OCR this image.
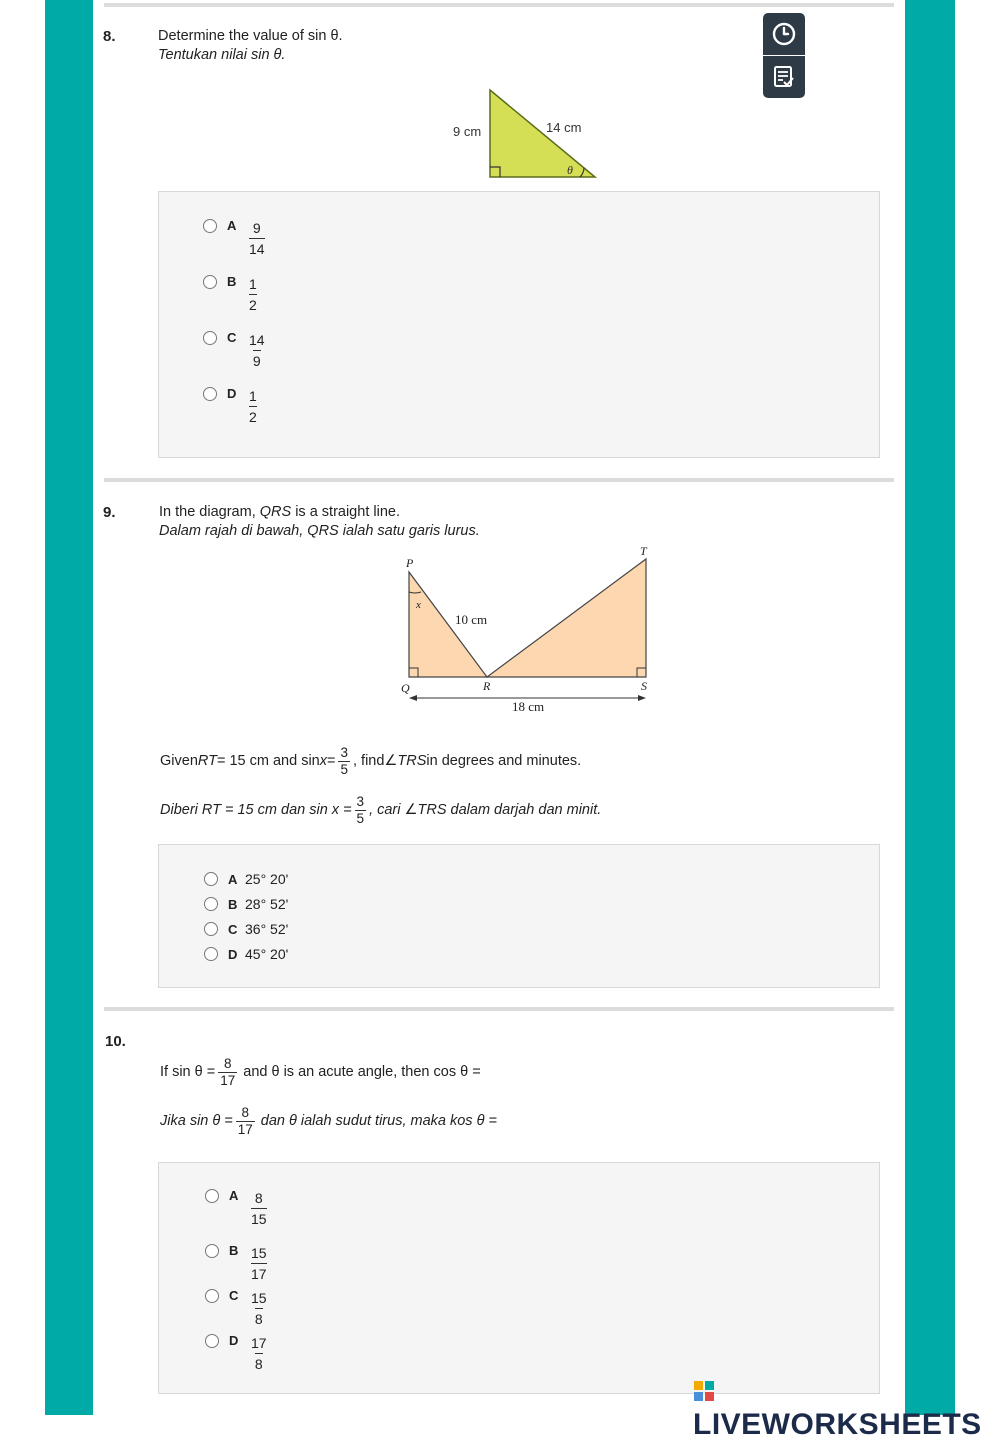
8.	Determine the value of sin θ.
Tentukan nilai sin θ.
9 cm	14 cm
θ
A	9
14
B 1
2
C 14
9
D 1
2
9.	In the diagram, QRS is a straight line.
Dalam rajah di bawah, QRS ialah satu garis lurus.
P
T
Q	R	S
x
10 cm
18 cm
Given RT = 15 cm and $\sin x = \frac{3}{5}$ , find ∠TRS in degrees and minutes.
Diberi RT = 15 cm dan $\sin x = \frac{3}{5}$ , cari ∠TRS dalam darjah dan minit.
A 25° 20'
B 28° 52'
C 36° 52'
D 45° 20'
10.
If $\sin \theta = \frac{8}{17}$ and θ is an acute angle, then cos θ =
Jika $\sin \theta = \frac{8}{17}$ dan θ ialah sudut tirus, maka kos θ =
A	8
15
B 15
17
C 15
8
D 17
8
LIVEWORKSHEETS
